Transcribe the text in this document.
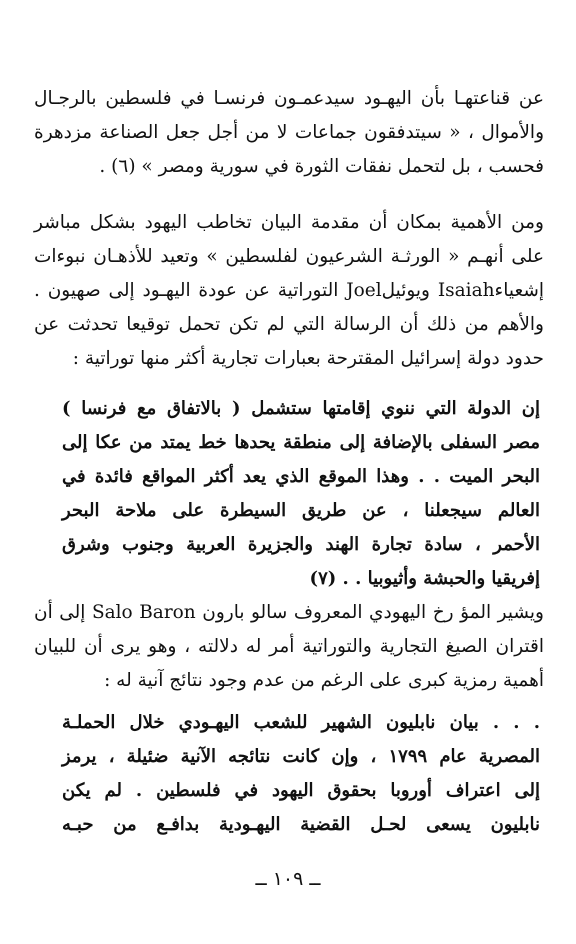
عن قناعتهـا بأن اليهـود سيدعمـون فرنسـا في فلسطين بالرجـال
والأموال ، « سيتدفقون جماعات لا من أجل جعل الصناعة مزدهرة
فحسب ، بل لتحمل نفقات الثورة في سورية ومصر » (٦) .
ومن الأهمية بمكان أن مقدمة البيان تخاطب اليهود بشكل مباشر
على أنهـم « الورثـة الشرعيون لفلسطين » وتعيد للأذهـان نبوءات
إشعياءIsaiah ويوئيلJoel التوراتية عن عودة اليهـود إلى صهيون .
والأهم من ذلك أن الرسالة التي لم تكن تحمل توقيعا تحدثت عن
حدود دولة إسرائيل المقترحة بعبارات تجارية أكثر منها توراتية :
إن الدولة التي ننوي إقامتها ستشمل ( بالاتفاق مع فرنسا )
مصر السفلى بالإضافة إلى منطقة يحدها خط يمتد من عكا إلى
البحر الميت . . وهذا الموقع الذي يعد أكثر المواقع فائدة في
العالم سيجعلنا ، عن طريق السيطرة على ملاحة البحر
الأحمر ، سادة تجارة الهند والجزيرة العربية وجنوب وشرق
إفريقيا والحبشة وأثيوبيا . . (٧)
ويشير المؤ رخ اليهودي المعروف سالو بارون Salo Baron إلى أن
اقتران الصيغ التجارية والتوراتية أمر له دلالته ، وهو يرى أن للبيان
أهمية رمزية كبرى على الرغم من عدم وجود نتائج آنية له :
. . . بيان نابليون الشهير للشعب اليهـودي خلال الحملـة
المصرية عام ١٧٩٩ ، وإن كانت نتائجه الآنية ضئيلة ، يرمز
إلى اعتراف أوروبا بحقوق اليهود في فلسطين . لم يكن
نابليون يسعى لحـل القضية اليهـودية بدافـع من حبـه
ــ ١٠٩ ــ
